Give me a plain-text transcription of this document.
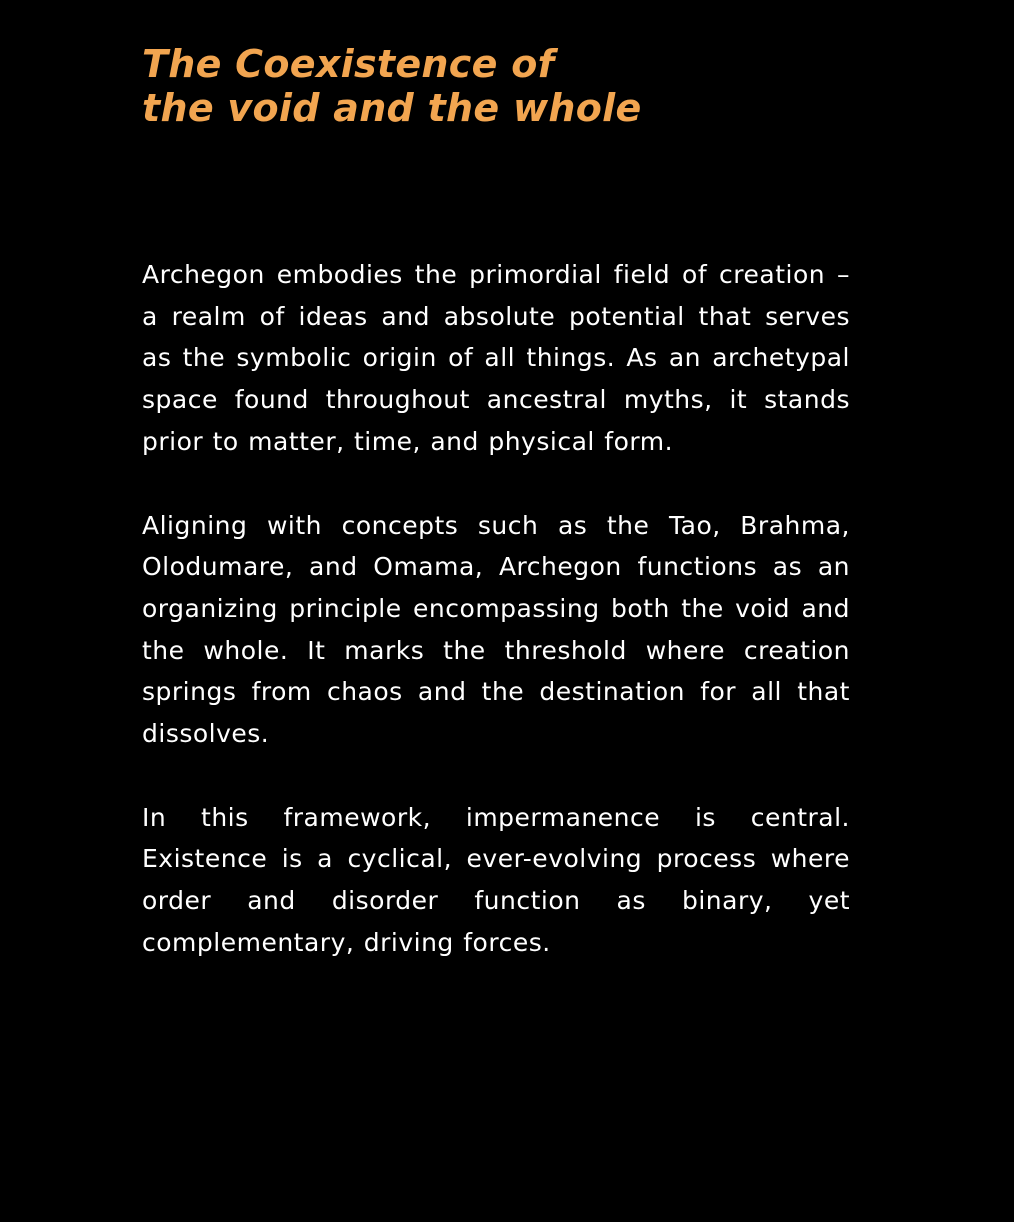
The Coexistence of
the void and the whole

Archegon embodies the primordial field of creation – a realm of ideas and absolute potential that serves as the symbolic origin of all things. As an archetypal space found throughout ancestral myths, it stands prior to matter, time, and physical form.

Aligning with concepts such as the Tao, Brahma, Olodumare, and Omama, Archegon functions as an organizing principle encompassing both the void and the whole. It marks the threshold where creation springs from chaos and the destination for all that dissolves.

In this framework, impermanence is central. Existence is a cyclical, ever-evolving process where order and disorder function as binary, yet complementary, driving forces.
